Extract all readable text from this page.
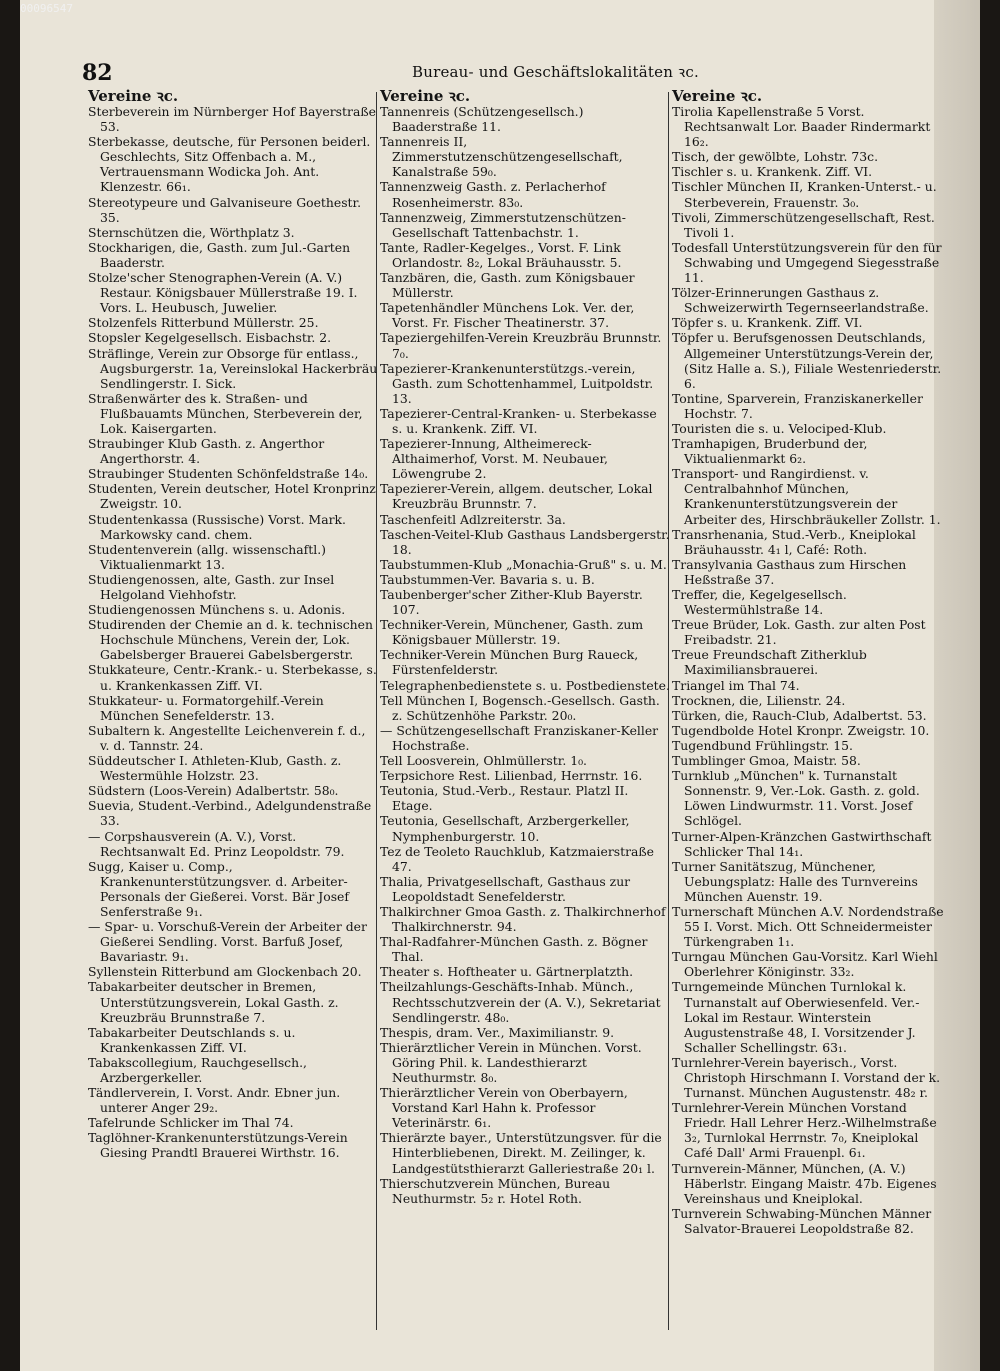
00096547
82	Bureau- und Geschäftslokalitäten ꝛc.
Vereine ꝛc.

Sterbeverein im Nürnberger Hof Bayerstraße 53.

Sterbekasse, deutsche, für Personen beiderl. Geschlechts, Sitz Offenbach a. M., Vertrauensmann Wodicka Joh. Ant. Klenzestr. 66₁.

Stereotypeure und Galvaniseure Goethestr. 35.

Sternschützen die, Wörthplatz 3.

Stockharigen, die, Gasth. zum Jul.-Garten Baaderstr.

Stolze'scher Stenographen-Verein (A. V.) Restaur. Königsbauer Müllerstraße 19. I. Vors. L. Heubusch, Juwelier.

Stolzenfels Ritterbund Müllerstr. 25.

Stopsler Kegelgesellsch. Eisbachstr. 2.

Sträflinge, Verein zur Obsorge für entlass., Augsburgerstr. 1a, Vereinslokal Hackerbräu Sendlingerstr. I. Sick.

Straßenwärter des k. Straßen- und Flußbauamts München, Sterbeverein der, Lok. Kaisergarten.

Straubinger Klub Gasth. z. Angerthor Angerthorstr. 4.

Straubinger Studenten Schönfeldstraße 14₀.

Studenten, Verein deutscher, Hotel Kronprinz Zweigstr. 10.

Studentenkassa (Russische) Vorst. Mark. Markowsky cand. chem.

Studentenverein (allg. wissenschaftl.) Viktualienmarkt 13.

Studiengenossen, alte, Gasth. zur Insel Helgoland Viehhofstr.

Studiengenossen Münchens s. u. Adonis.

Studirenden der Chemie an d. k. technischen Hochschule Münchens, Verein der, Lok. Gabelsberger Brauerei Gabelsbergerstr.

Stukkateure, Centr.-Krank.- u. Sterbekasse, s. u. Krankenkassen Ziff. VI.

Stukkateur- u. Formatorgehilf.-Verein München Senefelderstr. 13.

Subaltern k. Angestellte Leichenverein f. d., v. d. Tannstr. 24.

Süddeutscher I. Athleten-Klub, Gasth. z. Westermühle Holzstr. 23.

Südstern (Loos-Verein) Adalbertstr. 58₀.

Suevia, Student.-Verbind., Adelgundenstraße 33.

— Corpshausverein (A. V.), Vorst. Rechtsanwalt Ed. Prinz Leopoldstr. 79.

Sugg, Kaiser u. Comp., Krankenunterstützungsver. d. Arbeiter-Personals der Gießerei. Vorst. Bär Josef Senferstraße 9₁.

— Spar- u. Vorschuß-Verein der Arbeiter der Gießerei Sendling. Vorst. Barfuß Josef, Bavariastr. 9₁.

Syllenstein Ritterbund am Glockenbach 20.

Tabakarbeiter deutscher in Bremen, Unterstützungsverein, Lokal Gasth. z. Kreuzbräu Brunnstraße 7.

Tabakarbeiter Deutschlands s. u. Krankenkassen Ziff. VI.

Tabakscollegium, Rauchgesellsch., Arzbergerkeller.

Tändlerverein, I. Vorst. Andr. Ebner jun. unterer Anger 29₂.

Tafelrunde Schlicker im Thal 74.

Taglöhner-Krankenunterstützungs-Verein Giesing Prandtl Brauerei Wirthstr. 16.

Vereine ꝛc.

Tannenreis (Schützengesellsch.) Baaderstraße 11.

Tannenreis II, Zimmerstutzenschützengesellschaft, Kanalstraße 59₀.

Tannenzweig Gasth. z. Perlacherhof Rosenheimerstr. 83₀.

Tannenzweig, Zimmerstutzenschützen-Gesellschaft Tattenbachstr. 1.

Tante, Radler-Kegelges., Vorst. F. Link Orlandostr. 8₂, Lokal Bräuhausstr. 5.

Tanzbären, die, Gasth. zum Königsbauer Müllerstr.

Tapetenhändler Münchens Lok. Ver. der, Vorst. Fr. Fischer Theatinerstr. 37.

Tapeziergehilfen-Verein Kreuzbräu Brunnstr. 7₀.

Tapezierer-Krankenunterstützgs.-verein, Gasth. zum Schottenhammel, Luitpoldstr. 13.

Tapezierer-Central-Kranken- u. Sterbekasse s. u. Krankenk. Ziff. VI.

Tapezierer-Innung, Altheimereck-Althaimerhof, Vorst. M. Neubauer, Löwengrube 2.

Tapezierer-Verein, allgem. deutscher, Lokal Kreuzbräu Brunnstr. 7.

Taschenfeitl Adlzreiterstr. 3a.

Taschen-Veitel-Klub Gasthaus Landsbergerstr. 18.

Taubstummen-Klub „Monachia-Gruß" s. u. M.

Taubstummen-Ver. Bavaria s. u. B.

Taubenberger'scher Zither-Klub Bayerstr. 107.

Techniker-Verein, Münchener, Gasth. zum Königsbauer Müllerstr. 19.

Techniker-Verein München Burg Raueck, Fürstenfelderstr.

Telegraphenbedienstete s. u. Postbedienstete.

Tell München I, Bogensch.-Gesellsch. Gasth. z. Schützenhöhe Parkstr. 20₀.

— Schützengesellschaft Franziskaner-Keller Hochstraße.

Tell Loosverein, Ohlmüllerstr. 1₀.

Terpsichore Rest. Lilienbad, Herrnstr. 16.

Teutonia, Stud.-Verb., Restaur. Platzl II. Etage.

Teutonia, Gesellschaft, Arzbergerkeller, Nymphenburgerstr. 10.

Tez de Teoleto Rauchklub, Katzmaierstraße 47.

Thalia, Privatgesellschaft, Gasthaus zur Leopoldstadt Senefelderstr.

Thalkirchner Gmoa Gasth. z. Thalkirchnerhof Thalkirchnerstr. 94.

Thal-Radfahrer-München Gasth. z. Bögner Thal.

Theater s. Hoftheater u. Gärtnerplatzth.

Theilzahlungs-Geschäfts-Inhab. Münch., Rechtsschutzverein der (A. V.), Sekretariat Sendlingerstr. 48₀.

Thespis, dram. Ver., Maximilianstr. 9.

Thierärztlicher Verein in München. Vorst. Göring Phil. k. Landesthierarzt Neuthurmstr. 8₀.

Thierärztlicher Verein von Oberbayern, Vorstand Karl Hahn k. Professor Veterinärstr. 6₁.

Thierärzte bayer., Unterstützungsver. für die Hinterbliebenen, Direkt. M. Zeilinger, k. Landgestütsthierarzt Galleriestraße 20₁ l.

Thierschutzverein München, Bureau Neuthurmstr. 5₂ r. Hotel Roth.

Vereine ꝛc.

Tirolia Kapellenstraße 5 Vorst. Rechtsanwalt Lor. Baader Rindermarkt 16₂.

Tisch, der gewölbte, Lohstr. 73c.

Tischler s. u. Krankenk. Ziff. VI.

Tischler München II, Kranken-Unterst.- u. Sterbeverein, Frauenstr. 3₀.

Tivoli, Zimmerschützengesellschaft, Rest. Tivoli 1.

Todesfall Unterstützungsverein für den für Schwabing und Umgegend Siegesstraße 11.

Tölzer-Erinnerungen Gasthaus z. Schweizerwirth Tegernseerlandstraße.

Töpfer s. u. Krankenk. Ziff. VI.

Töpfer u. Berufsgenossen Deutschlands, Allgemeiner Unterstützungs-Verein der, (Sitz Halle a. S.), Filiale Westenriederstr. 6.

Tontine, Sparverein, Franziskanerkeller Hochstr. 7.

Touristen die s. u. Velociped-Klub.

Tramhapigen, Bruderbund der, Viktualienmarkt 6₂.

Transport- und Rangirdienst. v. Centralbahnhof München, Krankenunterstützungsverein der Arbeiter des, Hirschbräukeller Zollstr. 1.

Transrhenania, Stud.-Verb., Kneiplokal Bräuhausstr. 4₁ l, Café: Roth.

Transylvania Gasthaus zum Hirschen Heßstraße 37.

Treffer, die, Kegelgesellsch. Westermühlstraße 14.

Treue Brüder, Lok. Gasth. zur alten Post Freibadstr. 21.

Treue Freundschaft Zitherklub Maximiliansbrauerei.

Triangel im Thal 74.

Trocknen, die, Lilienstr. 24.

Türken, die, Rauch-Club, Adalbertst. 53.

Tugendbolde Hotel Kronpr. Zweigstr. 10.

Tugendbund Frühlingstr. 15.

Tumblinger Gmoa, Maistr. 58.

Turnklub „München" k. Turnanstalt Sonnenstr. 9, Ver.-Lok. Gasth. z. gold. Löwen Lindwurmstr. 11. Vorst. Josef Schlögel.

Turner-Alpen-Kränzchen Gastwirthschaft Schlicker Thal 14₁.

Turner Sanitätszug, Münchener, Uebungsplatz: Halle des Turnvereins München Auenstr. 19.

Turnerschaft München A.V. Nordendstraße 55 I. Vorst. Mich. Ott Schneidermeister Türkengraben 1₁.

Turngau München Gau-Vorsitz. Karl Wiehl Oberlehrer Königinstr. 33₂.

Turngemeinde München Turnlokal k. Turnanstalt auf Oberwiesenfeld. Ver.-Lokal im Restaur. Winterstein Augustenstraße 48, I. Vorsitzender J. Schaller Schellingstr. 63₁.

Turnlehrer-Verein bayerisch., Vorst. Christoph Hirschmann I. Vorstand der k. Turnanst. München Augustenstr. 48₂ r.

Turnlehrer-Verein München Vorstand Friedr. Hall Lehrer Herz.-Wilhelmstraße 3₂, Turnlokal Herrnstr. 7₀, Kneiplokal Café Dall' Armi Frauenpl. 6₁.

Turnverein-Männer, München, (A. V.) Häberlstr. Eingang Maistr. 47b. Eigenes Vereinshaus und Kneiplokal.

Turnverein Schwabing-München Männer Salvator-Brauerei Leopoldstraße 82.
